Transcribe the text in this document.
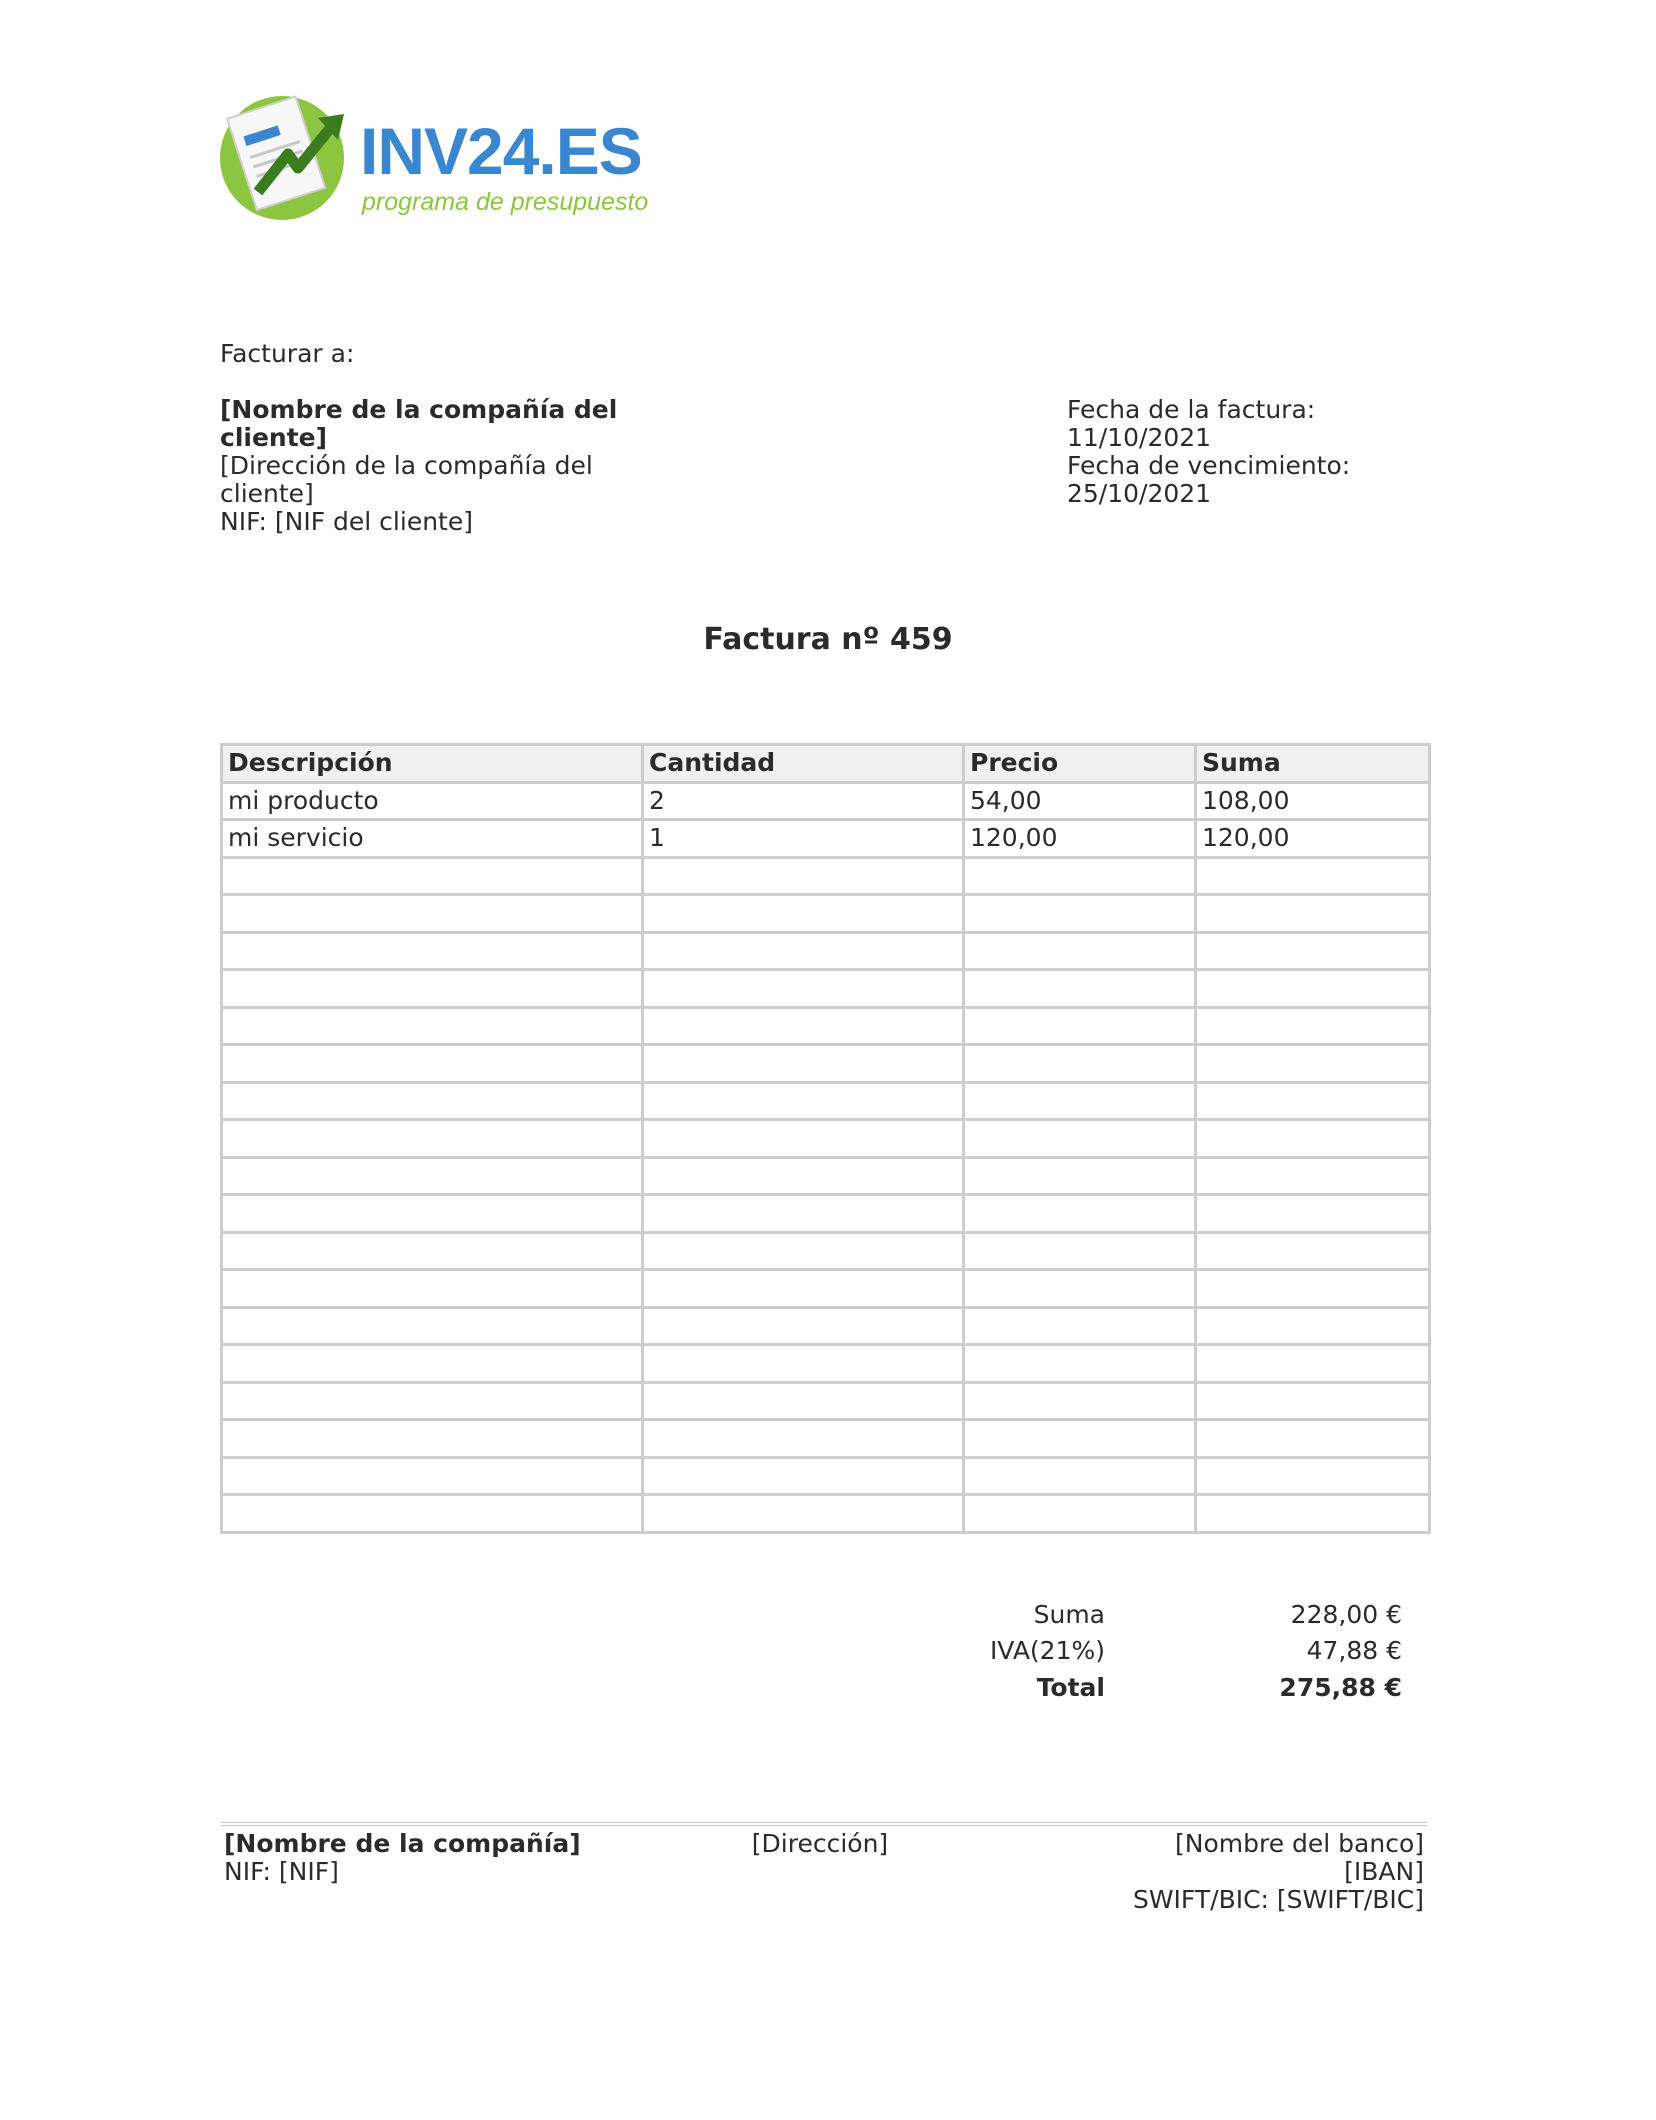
INV24.ES
programa de presupuesto
Facturar a:
[Nombre de la compañía del cliente]
[Dirección de la compañía del cliente]
NIF: [NIF del cliente]
Fecha de la factura:
11/10/2021
Fecha de vencimiento:
25/10/2021
Factura nº 459
Descripción	Cantidad	Precio	Suma
mi producto	2	54,00	108,00
mi servicio	1	120,00	120,00

Suma	228,00 €
IVA(21%)	47,88 €
Total	275,88 €
[Nombre de la compañía]
NIF: [NIF]
[Dirección]	[Nombre del banco]
[IBAN]
SWIFT/BIC: [SWIFT/BIC]
